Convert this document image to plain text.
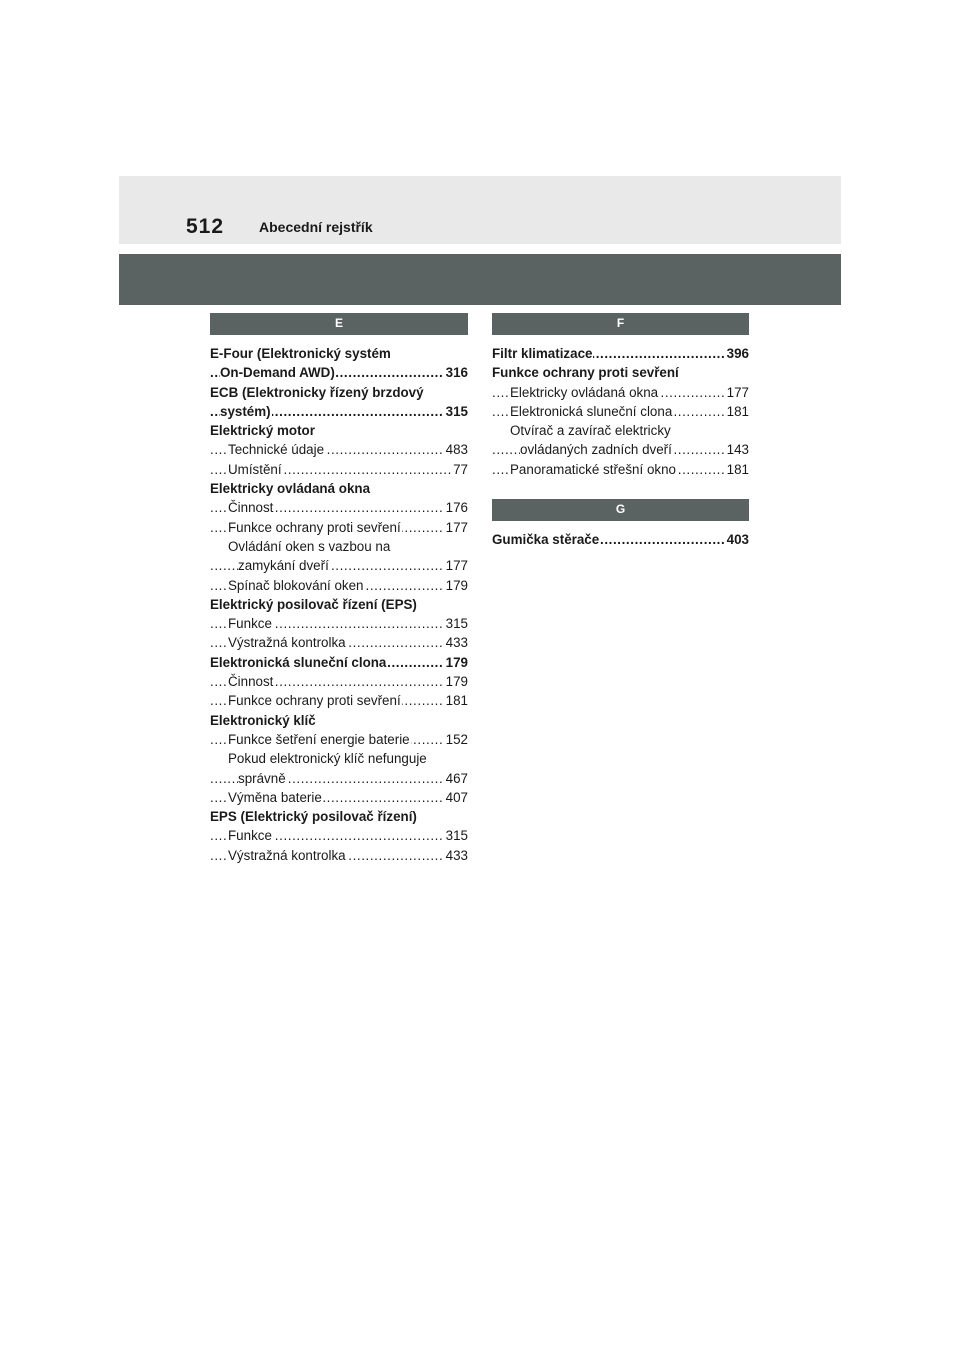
512 Abecední rejstřík
E
E-Four (Elektronický systém
On-Demand AWD) .....	316
ECB (Elektronicky řízený brzdový
systém) .....	315
Elektrický motor
Technické údaje .....	483
Umístění .....	77
Elektricky ovládaná okna
Činnost .....	176
Funkce ochrany proti sevření .....	177
Ovládání oken s vazbou na
zamykání dveří .....	177
Spínač blokování oken .....	179
Elektrický posilovač řízení (EPS)
Funkce .....	315
Výstražná kontrolka .....	433
Elektronická sluneční clona .....	179
Činnost .....	179
Funkce ochrany proti sevření .....	181
Elektronický klíč
Funkce šetření energie baterie .....	152
Pokud elektronický klíč nefunguje
správně .....	467
Výměna baterie .....	407
EPS (Elektrický posilovač řízení)
Funkce .....	315
Výstražná kontrolka .....	433
F
Filtr klimatizace .....	396
Funkce ochrany proti sevření
Elektricky ovládaná okna .....	177
Elektronická sluneční clona .....	181
Otvírač a zavírač elektricky
ovládaných zadních dveří .....	143
Panoramatické střešní okno .....	181
G
Gumička stěrače .....	403
